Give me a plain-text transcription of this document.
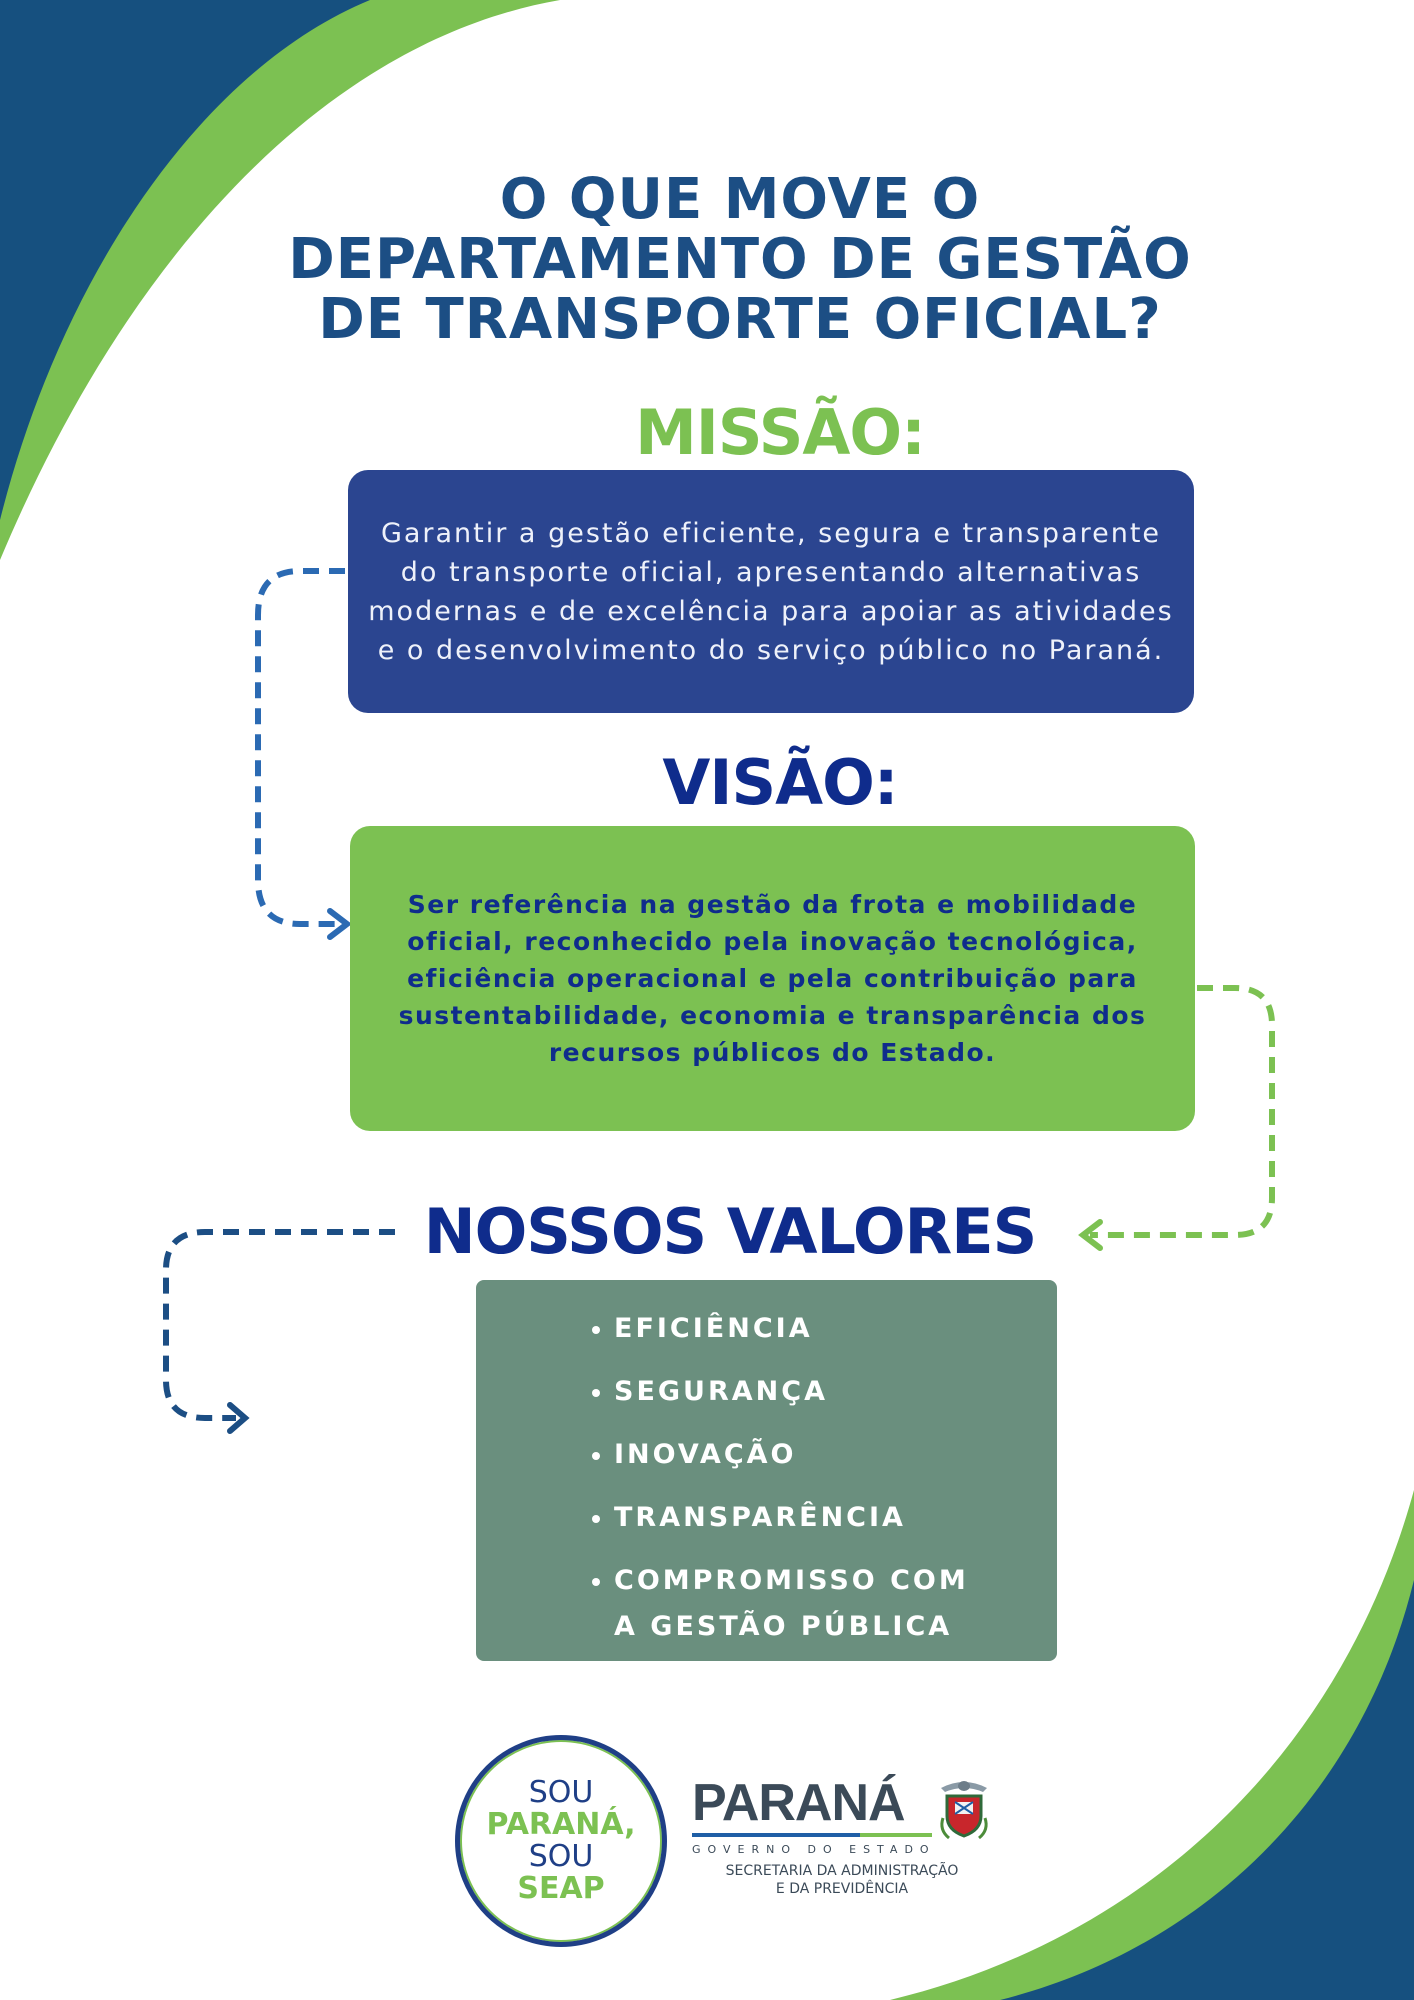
O QUE MOVE O
DEPARTAMENTO DE GESTÃO
DE TRANSPORTE OFICIAL?
MISSÃO:

Garantir a gestão eficiente, segura e transparente do transporte oficial, apresentando alternativas modernas e de excelência para apoiar as atividades e o desenvolvimento do serviço público no Paraná.

VISÃO:

Ser referência na gestão da frota e mobilidade oficial, reconhecido pela inovação tecnológica, eficiência operacional e pela contribuição para sustentabilidade, economia e transparência dos recursos públicos do Estado.

NOSSOS VALORES
EFICIÊNCIA
SEGURANÇA
INOVAÇÃO
TRANSPARÊNCIA
COMPROMISSO COM A GESTÃO PÚBLICA
SOU
PARANÁ,
SOU
SEAP
PARANÁ
GOVERNO DO ESTADO
SECRETARIA DA ADMINISTRAÇÃO
E DA PREVIDÊNCIA
